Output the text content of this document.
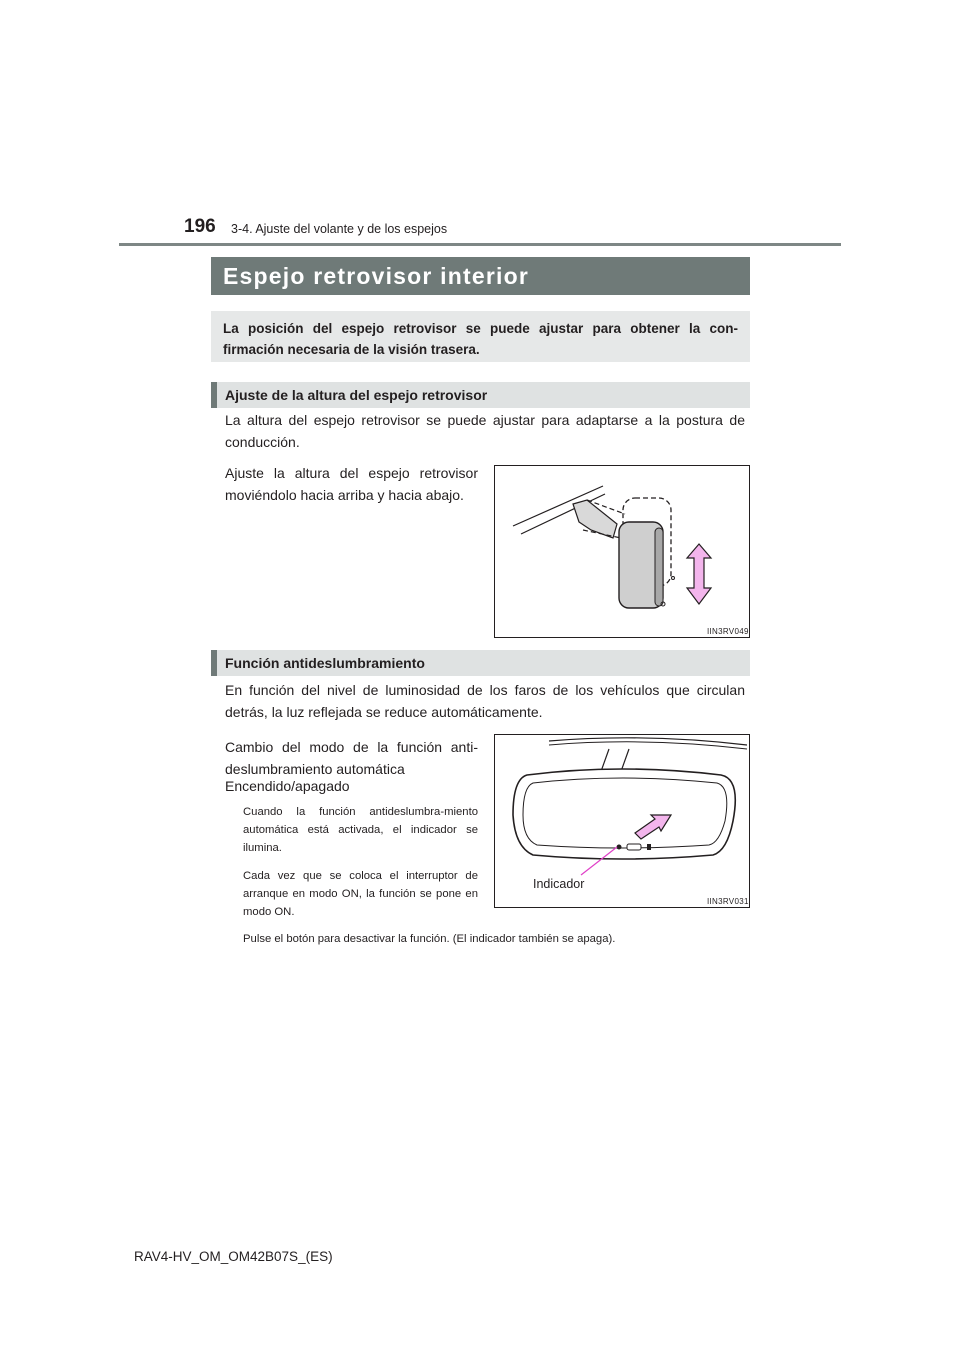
196 3-4. Ajuste del volante y de los espejos
Espejo retrovisor interior
La posición del espejo retrovisor se puede ajustar para obtener la con-firmación necesaria de la visión trasera.
Ajuste de la altura del espejo retrovisor
La altura del espejo retrovisor se puede ajustar para adaptarse a la postura de conducción.
Ajuste la altura del espejo retrovisor moviéndolo hacia arriba y hacia abajo.
IIN3RV049
Función antideslumbramiento
En función del nivel de luminosidad de los faros de los vehículos que circulan detrás, la luz reflejada se reduce automáticamente.
Cambio del modo de la función anti-deslumbramiento automática
Encendido/apagado
Cuando la función antideslumbra-miento automática está activada, el indicador se ilumina.
Cada vez que se coloca el interruptor de arranque en modo ON, la función se pone en modo ON.
Pulse el botón para desactivar la función. (El indicador también se apaga).
Indicador
IIN3RV031
RAV4-HV_OM_OM42B07S_(ES)
